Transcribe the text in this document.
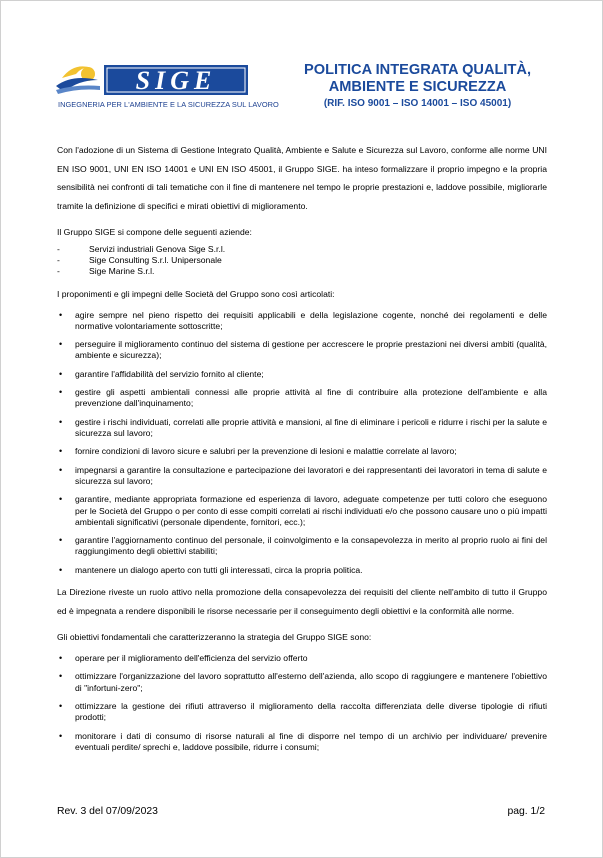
SIGE
INGEGNERIA PER L'AMBIENTE E LA SICUREZZA SUL LAVORO
POLITICA INTEGRATA QUALITÀ,
AMBIENTE E SICUREZZA
(RIF. ISO 9001 – ISO 14001 – ISO 45001)

Con l'adozione di un Sistema di Gestione Integrato Qualità, Ambiente e Salute e Sicurezza sul Lavoro, conforme alle norme UNI EN ISO 9001, UNI EN ISO 14001 e UNI EN ISO 45001, il Gruppo SIGE. ha inteso formalizzare il proprio impegno e la propria sensibilità nei confronti di tali tematiche con il fine di mantenere nel tempo le proprie prestazioni e, laddove possibile, migliorarle tramite la definizione di specifici e mirati obiettivi di miglioramento.

Il Gruppo SIGE si compone delle seguenti aziende:

- Servizi industriali Genova Sige S.r.l.
- Sige Consulting S.r.l. Unipersonale
- Sige Marine S.r.l.

I proponimenti e gli impegni delle Società del Gruppo sono così articolati:

• agire sempre nel pieno rispetto dei requisiti applicabili e della legislazione cogente, nonché dei regolamenti e delle normative volontariamente sottoscritte;
• perseguire il miglioramento continuo del sistema di gestione per accrescere le proprie prestazioni nei diversi ambiti (qualità, ambiente e sicurezza);
• garantire l'affidabilità del servizio fornito al cliente;
• gestire gli aspetti ambientali connessi alle proprie attività al fine di contribuire alla protezione dell'ambiente e alla prevenzione dall'inquinamento;
• gestire i rischi individuati, correlati alle proprie attività e mansioni, al fine di eliminare i pericoli e ridurre i rischi per la salute e sicurezza sul lavoro;
• fornire condizioni di lavoro sicure e salubri per la prevenzione di lesioni e malattie correlate al lavoro;
• impegnarsi a garantire la consultazione e partecipazione dei lavoratori e dei rappresentanti dei lavoratori in tema di salute e sicurezza sul lavoro;
• garantire, mediante appropriata formazione ed esperienza di lavoro, adeguate competenze per tutti coloro che eseguono per le Società del Gruppo o per conto di esse compiti correlati ai rischi individuati e/o che possono causare uno o più impatti ambientali significativi (personale dipendente, fornitori, ecc.);
• garantire l'aggiornamento continuo del personale, il coinvolgimento e la consapevolezza in merito al proprio ruolo ai fini del raggiungimento degli obiettivi stabiliti;
• mantenere un dialogo aperto con tutti gli interessati, circa la propria politica.

La Direzione riveste un ruolo attivo nella promozione della consapevolezza dei requisiti del cliente nell'ambito di tutto il Gruppo ed è impegnata a rendere disponibili le risorse necessarie per il conseguimento degli obiettivi e la conformità alle norme.

Gli obiettivi fondamentali che caratterizzeranno la strategia del Gruppo SIGE sono:

• operare per il miglioramento dell'efficienza del servizio offerto
• ottimizzare l'organizzazione del lavoro soprattutto all'esterno dell'azienda, allo scopo di raggiungere e mantenere l'obiettivo di "infortuni-zero";
• ottimizzare la gestione dei rifiuti attraverso il miglioramento della raccolta differenziata delle diverse tipologie di rifiuti prodotti;
• monitorare i dati di consumo di risorse naturali al fine di disporre nel tempo di un archivio per individuare/ prevenire eventuali perdite/ sprechi e, laddove possibile, ridurre i consumi;
Rev. 3 del 07/09/2023	pag. 1/2
